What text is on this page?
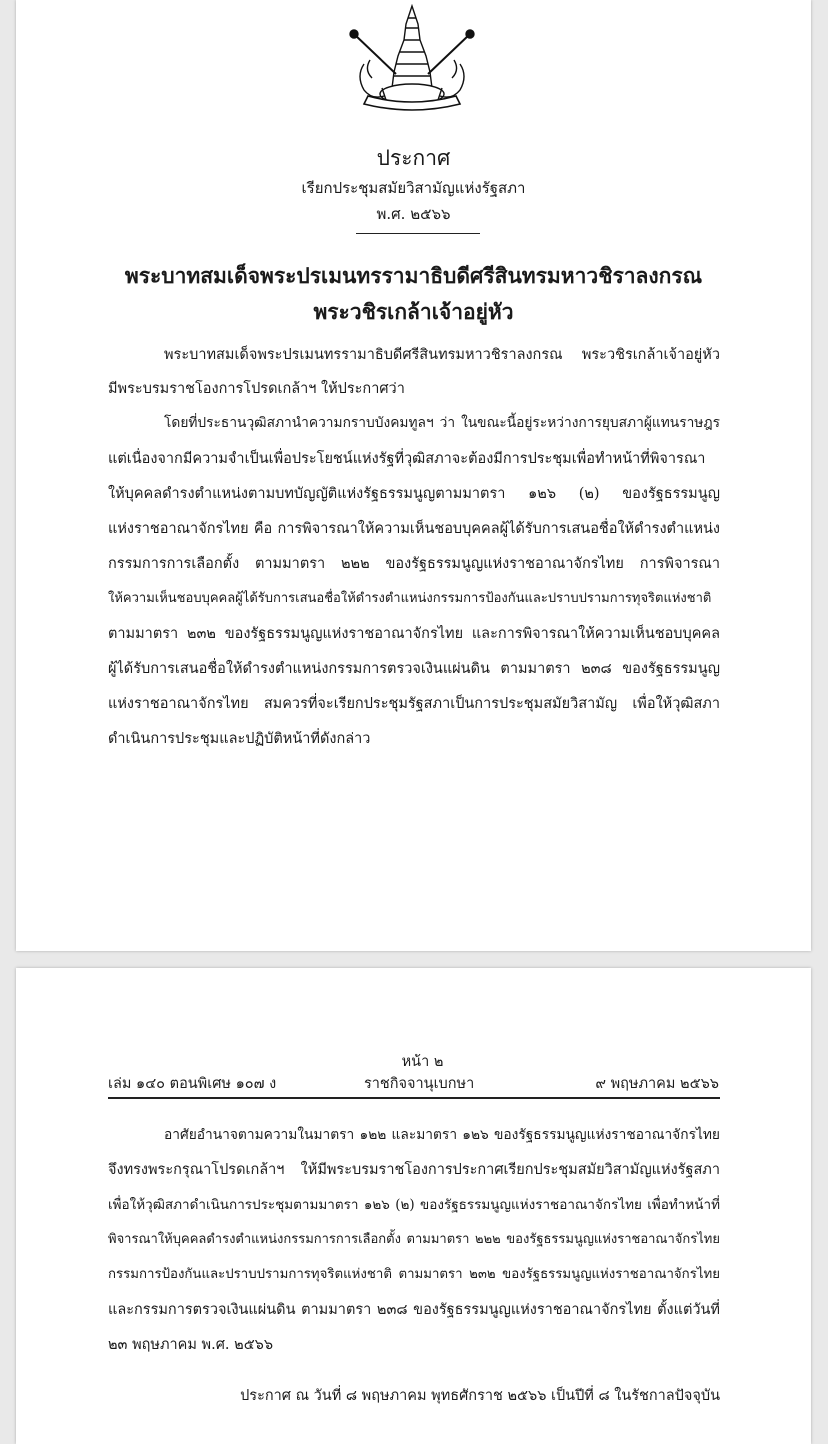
ประกาศ
เรียกประชุมสมัยวิสามัญแห่งรัฐสภา
พ.ศ. ๒๕๖๖
พระบาทสมเด็จพระปรเมนทรรามาธิบดีศรีสินทรมหาวชิราลงกรณ
พระวชิรเกล้าเจ้าอยู่หัว
พระบาทสมเด็จพระปรเมนทรรามาธิบดีศรีสินทรมหาวชิราลงกรณ พระวชิรเกล้าเจ้าอยู่หัว
มีพระบรมราชโองการโปรดเกล้าฯ ให้ประกาศว่า
โดยที่ประธานวุฒิสภานำความกราบบังคมทูลฯ ว่า ในขณะนี้อยู่ระหว่างการยุบสภาผู้แทนราษฎร
แต่เนื่องจากมีความจำเป็นเพื่อประโยชน์แห่งรัฐที่วุฒิสภาจะต้องมีการประชุมเพื่อทำหน้าที่พิจารณา
ให้บุคคลดำรงตำแหน่งตามบทบัญญัติแห่งรัฐธรรมนูญตามมาตรา ๑๒๖ (๒) ของรัฐธรรมนูญ
แห่งราชอาณาจักรไทย คือ การพิจารณาให้ความเห็นชอบบุคคลผู้ได้รับการเสนอชื่อให้ดำรงตำแหน่ง
กรรมการการเลือกตั้ง ตามมาตรา ๒๒๒ ของรัฐธรรมนูญแห่งราชอาณาจักรไทย การพิจารณา
ให้ความเห็นชอบบุคคลผู้ได้รับการเสนอชื่อให้ดำรงตำแหน่งกรรมการป้องกันและปราบปรามการทุจริตแห่งชาติ
ตามมาตรา ๒๓๒ ของรัฐธรรมนูญแห่งราชอาณาจักรไทย และการพิจารณาให้ความเห็นชอบบุคคล
ผู้ได้รับการเสนอชื่อให้ดำรงตำแหน่งกรรมการตรวจเงินแผ่นดิน ตามมาตรา ๒๓๘ ของรัฐธรรมนูญ
แห่งราชอาณาจักรไทย สมควรที่จะเรียกประชุมรัฐสภาเป็นการประชุมสมัยวิสามัญ เพื่อให้วุฒิสภา
ดำเนินการประชุมและปฏิบัติหน้าที่ดังกล่าว
หน้า ๒
เล่ม ๑๔๐ ตอนพิเศษ ๑๐๗ ง	ราชกิจจานุเบกษา	๙ พฤษภาคม ๒๕๖๖
อาศัยอำนาจตามความในมาตรา ๑๒๒ และมาตรา ๑๒๖ ของรัฐธรรมนูญแห่งราชอาณาจักรไทย
จึงทรงพระกรุณาโปรดเกล้าฯ ให้มีพระบรมราชโองการประกาศเรียกประชุมสมัยวิสามัญแห่งรัฐสภา
เพื่อให้วุฒิสภาดำเนินการประชุมตามมาตรา ๑๒๖ (๒) ของรัฐธรรมนูญแห่งราชอาณาจักรไทย เพื่อทำหน้าที่
พิจารณาให้บุคคลดำรงตำแหน่งกรรมการการเลือกตั้ง ตามมาตรา ๒๒๒ ของรัฐธรรมนูญแห่งราชอาณาจักรไทย
กรรมการป้องกันและปราบปรามการทุจริตแห่งชาติ ตามมาตรา ๒๓๒ ของรัฐธรรมนูญแห่งราชอาณาจักรไทย
และกรรมการตรวจเงินแผ่นดิน ตามมาตรา ๒๓๘ ของรัฐธรรมนูญแห่งราชอาณาจักรไทย ตั้งแต่วันที่
๒๓ พฤษภาคม พ.ศ. ๒๕๖๖
ประกาศ ณ วันที่ ๘ พฤษภาคม พุทธศักราช ๒๕๖๖ เป็นปีที่ ๘ ในรัชกาลปัจจุบัน
